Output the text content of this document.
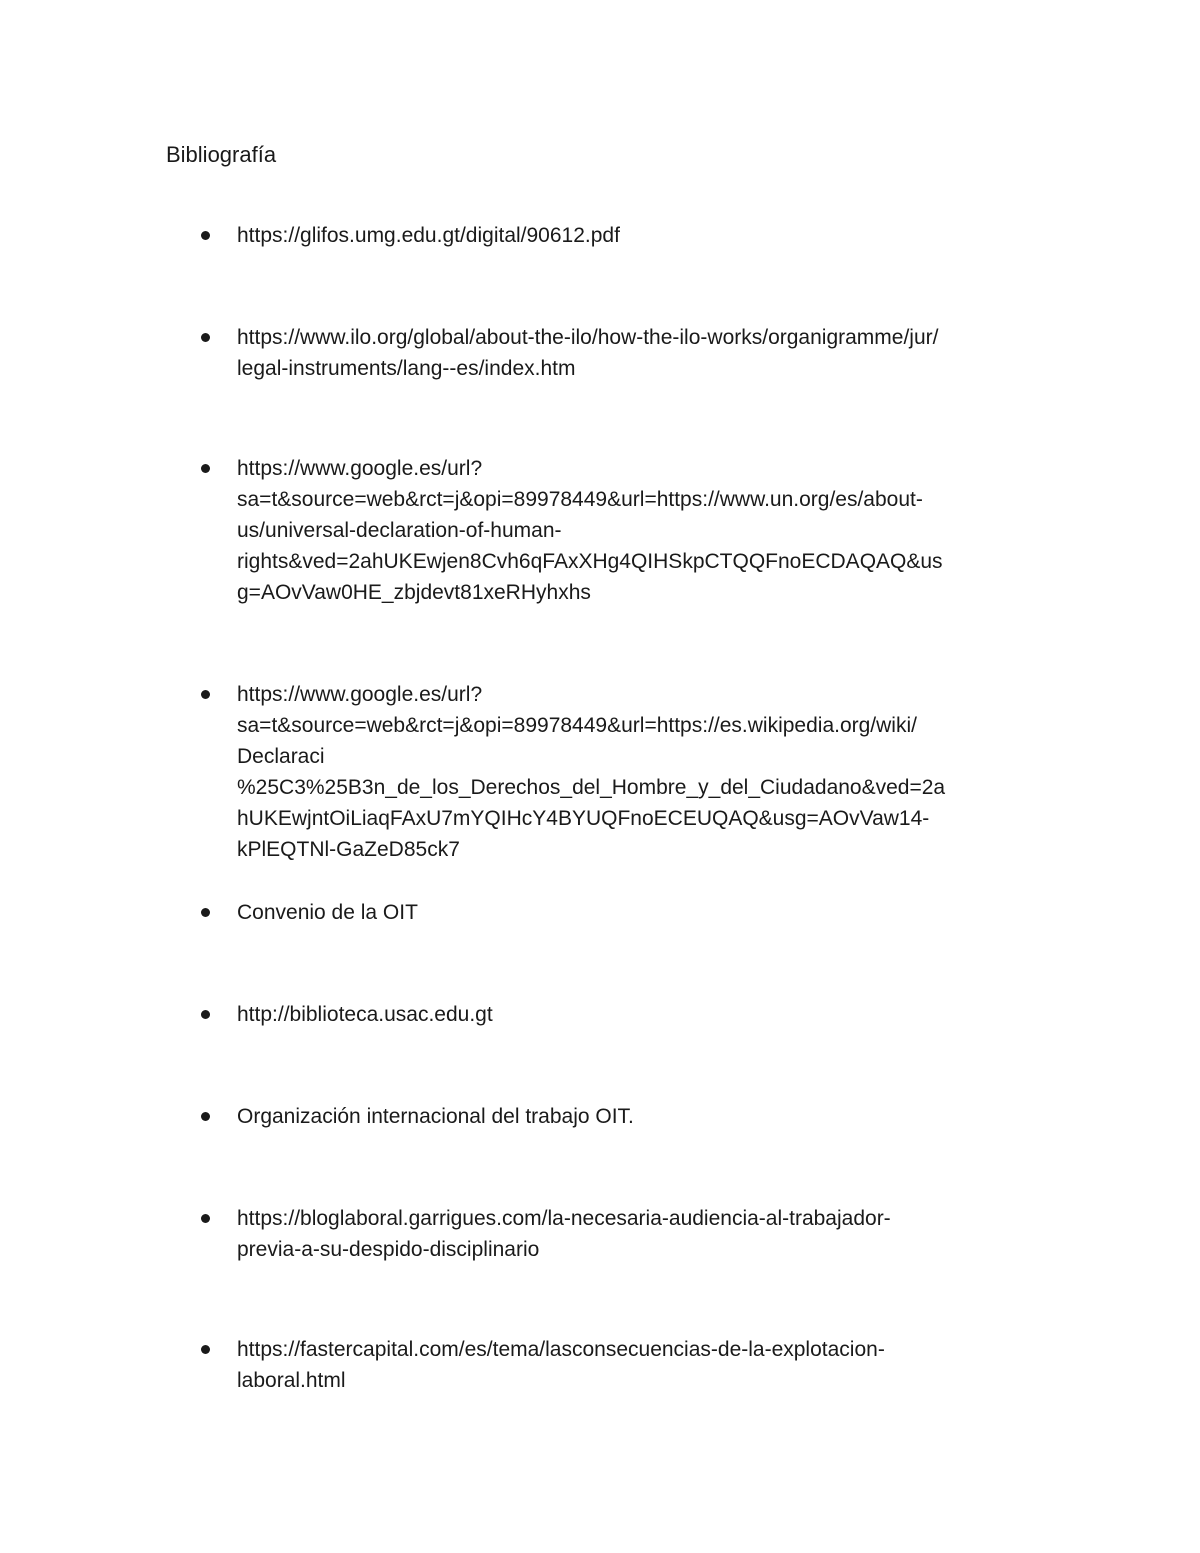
Bibliografía
https://glifos.umg.edu.gt/digital/90612.pdf
https://www.ilo.org/global/about-the-ilo/how-the-ilo-works/organigramme/jur/
legal-instruments/lang--es/index.htm
https://www.google.es/url?
sa=t&source=web&rct=j&opi=89978449&url=https://www.un.org/es/about-
us/universal-declaration-of-human-
rights&ved=2ahUKEwjen8Cvh6qFAxXHg4QIHSkpCTQQFnoECDAQAQ&us
g=AOvVaw0HE_zbjdevt81xeRHyhxhs
https://www.google.es/url?
sa=t&source=web&rct=j&opi=89978449&url=https://es.wikipedia.org/wiki/
Declaraci
%25C3%25B3n_de_los_Derechos_del_Hombre_y_del_Ciudadano&ved=2a
hUKEwjntOiLiaqFAxU7mYQIHcY4BYUQFnoECEUQAQ&usg=AOvVaw14-
kPlEQTNl-GaZeD85ck7
Convenio de la OIT
http://biblioteca.usac.edu.gt
Organización internacional del trabajo OIT.
https://bloglaboral.garrigues.com/la-necesaria-audiencia-al-trabajador-
previa-a-su-despido-disciplinario
https://fastercapital.com/es/tema/lasconsecuencias-de-la-explotacion-
laboral.html
